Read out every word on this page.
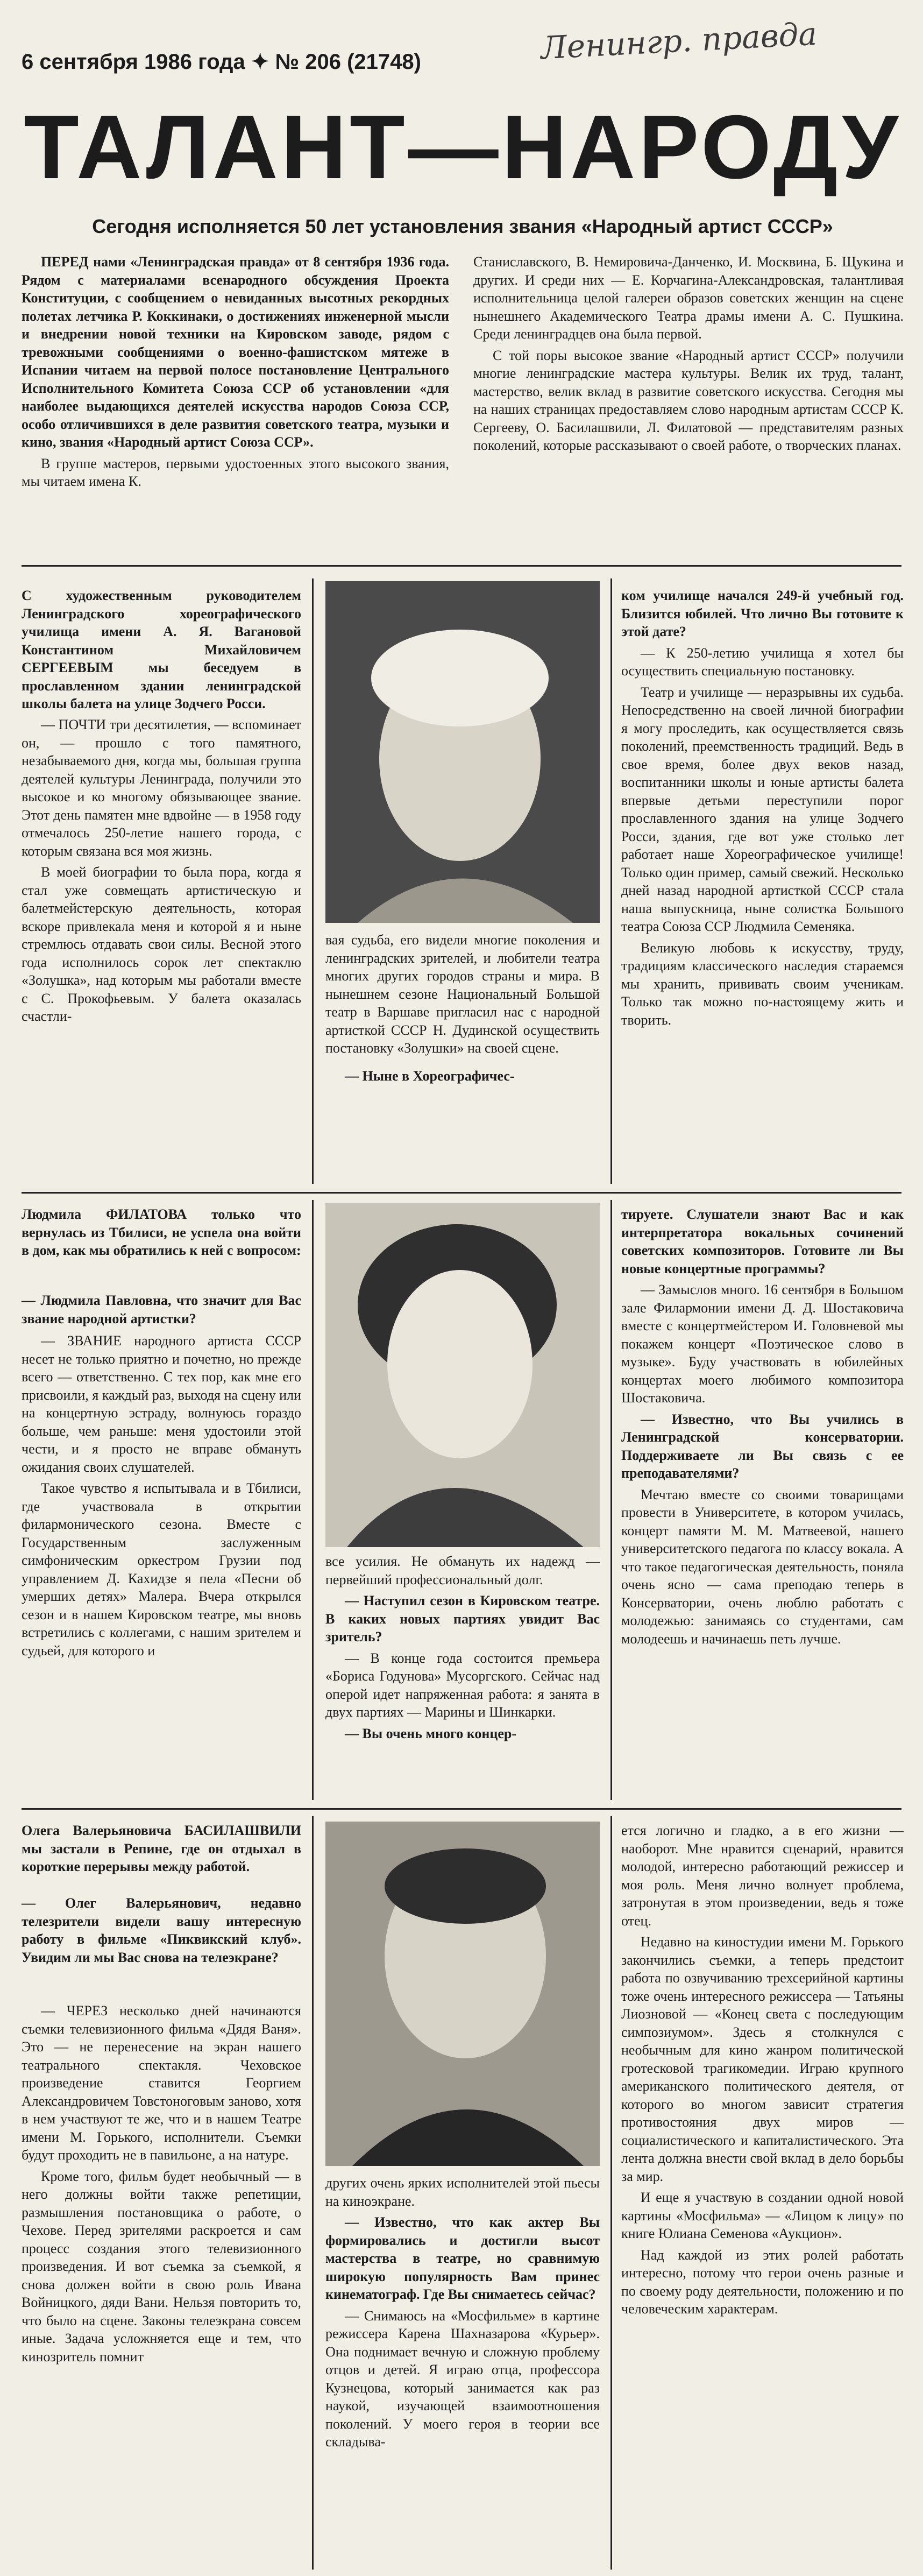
6 сентября 1986 года ✦ № 206 (21748)	Ленингр. правда
ТАЛАНТ—НАРОДУ
Сегодня исполняется 50 лет установления звания «Народный артист СССР»

ПЕРЕД нами «Ленинградская правда» от 8 сентября 1936 года. Рядом с материалами всенародного обсуждения Проекта Конституции, с сообщением о невиданных высотных рекордных полетах летчика Р. Коккинаки, о достижениях инженерной мысли и внедрении новой техники на Кировском заводе, рядом с тревожными сообщениями о военно-фашистском мятеже в Испании читаем на первой полосе постановление Центрального Исполнительного Комитета Союза ССР об установлении «для наиболее выдающихся деятелей искусства народов Союза ССР, особо отличившихся в деле развития советского театра, музыки и кино, звания «Народный артист Союза ССР».

В группе мастеров, первыми удостоенных этого высокого звания, мы читаем имена К.

Станиславского, В. Немировича-Данченко, И. Москвина, Б. Щукина и других. И среди них — Е. Корчагина-Александровская, талантливая исполнительница целой галереи образов советских женщин на сцене нынешнего Академического Театра драмы имени А. С. Пушкина. Среди ленинградцев она была первой.

С той поры высокое звание «Народный артист СССР» получили многие ленинградские мастера культуры. Велик их труд, талант, мастерство, велик вклад в развитие советского искусства. Сегодня мы на наших страницах предоставляем слово народным артистам СССР К. Сергееву, О. Басилашвили, Л. Филатовой — представителям разных поколений, которые рассказывают о своей работе, о творческих планах.

С художественным руководителем Ленинградского хореографического училища имени А. Я. Вагановой Константином Михайловичем СЕРГЕЕВЫМ мы беседуем в прославленном здании ленинградской школы балета на улице Зодчего Росси.

— ПОЧТИ три десятилетия, — вспоминает он, — прошло с того памятного, незабываемого дня, когда мы, большая группа деятелей культуры Ленинграда, получили это высокое и ко многому обязывающее звание. Этот день памятен мне вдвойне — в 1958 году отмечалось 250-летие нашего города, с которым связана вся моя жизнь.

В моей биографии то была пора, когда я стал уже совмещать артистическую и балетмейстерскую деятельность, которая вскоре привлекала меня и которой я и ныне стремлюсь отдавать свои силы. Весной этого года исполнилось сорок лет спектаклю «Золушка», над которым мы работали вместе с С. Прокофьевым. У балета оказалась счастли-

вая судьба, его видели многие поколения и ленинградских зрителей, и любители театра многих других городов страны и мира. В нынешнем сезоне Национальный Большой театр в Варшаве пригласил нас с народной артисткой СССР Н. Дудинской осуществить постановку «Золушки» на своей сцене.

— Ныне в Хореографичес-

ком училище начался 249-й учебный год. Близится юбилей. Что лично Вы готовите к этой дате?

— К 250-летию училища я хотел бы осуществить специальную постановку.

Театр и училище — неразрывны их судьба. Непосредственно на своей личной биографии я могу проследить, как осуществляется связь поколений, преемственность традиций. Ведь в свое время, более двух веков назад, воспитанники школы и юные артисты балета впервые детьми переступили порог прославленного здания на улице Зодчего Росси, здания, где вот уже столько лет работает наше Хореографическое училище! Только один пример, самый свежий. Несколько дней назад народной артисткой СССР стала наша выпускница, ныне солистка Большого театра Союза ССР Людмила Семеняка.

Великую любовь к искусству, труду, традициям классического наследия стараемся мы хранить, прививать своим ученикам. Только так можно по-настоящему жить и творить.

Людмила ФИЛАТОВА только что вернулась из Тбилиси, не успела она войти в дом, как мы обратились к ней с вопросом:
— Людмила Павловна, что значит для Вас звание народной артистки?

— ЗВАНИЕ народного артиста СССР несет не только приятно и почетно, но прежде всего — ответственно. С тех пор, как мне его присвоили, я каждый раз, выходя на сцену или на концертную эстраду, волнуюсь гораздо больше, чем раньше: меня удостоили этой чести, и я просто не вправе обмануть ожидания своих слушателей.

Такое чувство я испытывала и в Тбилиси, где участвовала в открытии филармонического сезона. Вместе с Государственным заслуженным симфоническим оркестром Грузии под управлением Д. Кахидзе я пела «Песни об умерших детях» Малера. Вчера открылся сезон и в нашем Кировском театре, мы вновь встретились с коллегами, с нашим зрителем и судьей, для которого и

все усилия. Не обмануть их надежд — первейший профессиональный долг.

— Наступил сезон в Кировском театре. В каких новых партиях увидит Вас зритель?

— В конце года состоится премьера «Бориса Годунова» Мусоргского. Сейчас над оперой идет напряженная работа: я занята в двух партиях — Марины и Шинкарки.

— Вы очень много концер-

тируете. Слушатели знают Вас и как интерпретатора вокальных сочинений советских композиторов. Готовите ли Вы новые концертные программы?

— Замыслов много. 16 сентября в Большом зале Филармонии имени Д. Д. Шостаковича вместе с концертмейстером И. Головневой мы покажем концерт «Поэтическое слово в музыке». Буду участвовать в юбилейных концертах моего любимого композитора Шостаковича.

— Известно, что Вы учились в Ленинградской консерватории. Поддерживаете ли Вы связь с ее преподавателями?

Мечтаю вместе со своими товарищами провести в Университете, в котором училась, концерт памяти М. М. Матвеевой, нашего университетского педагога по классу вокала. А что такое педагогическая деятельность, поняла очень ясно — сама преподаю теперь в Консерватории, очень люблю работать с молодежью: занимаясь со студентами, сам молодеешь и начинаешь петь лучше.

Олега Валерьяновича БАСИЛАШВИЛИ мы застали в Репине, где он отдыхал в короткие перерывы между работой.
— Олег Валерьянович, недавно телезрители видели вашу интересную работу в фильме «Пиквикский клуб». Увидим ли мы Вас снова на телеэкране?

— ЧЕРЕЗ несколько дней начинаются съемки телевизионного фильма «Дядя Ваня». Это — не перенесение на экран нашего театрального спектакля. Чеховское произведение ставится Георгием Александровичем Товстоноговым заново, хотя в нем участвуют те же, что и в нашем Театре имени М. Горького, исполнители. Съемки будут проходить не в павильоне, а на натуре.

Кроме того, фильм будет необычный — в него должны войти также репетиции, размышления постановщика о работе, о Чехове. Перед зрителями раскроется и сам процесс создания этого телевизионного произведения. И вот съемка за съемкой, я снова должен войти в свою роль Ивана Войницкого, дяди Вани. Нельзя повторить то, что было на сцене. Законы телеэкрана совсем иные. Задача усложняется еще и тем, что кинозритель помнит

других очень ярких исполнителей этой пьесы на киноэкране.

— Известно, что как актер Вы формировались и достигли высот мастерства в театре, но сравнимую широкую популярность Вам принес кинематограф. Где Вы снимаетесь сейчас?

— Снимаюсь на «Мосфильме» в картине режиссера Карена Шахназарова «Курьер». Она поднимает вечную и сложную проблему отцов и детей. Я играю отца, профессора Кузнецова, который занимается как раз наукой, изучающей взаимоотношения поколений. У моего героя в теории все складыва-

ется логично и гладко, а в его жизни — наоборот. Мне нравится сценарий, нравится молодой, интересно работающий режиссер и моя роль. Меня лично волнует проблема, затронутая в этом произведении, ведь я тоже отец.

Недавно на киностудии имени М. Горького закончились съемки, а теперь предстоит работа по озвучиванию трехсерийной картины тоже очень интересного режиссера — Татьяны Лиозновой — «Конец света с последующим симпозиумом». Здесь я столкнулся с необычным для кино жанром политической гротесковой трагикомедии. Играю крупного американского политического деятеля, от которого во многом зависит стратегия противостояния двух миров — социалистического и капиталистического. Эта лента должна внести свой вклад в дело борьбы за мир.

И еще я участвую в создании одной новой картины «Мосфильма» — «Лицом к лицу» по книге Юлиана Семенова «Аукцион».

Над каждой из этих ролей работать интересно, потому что герои очень разные и по своему роду деятельности, положению и по человеческим характерам.
